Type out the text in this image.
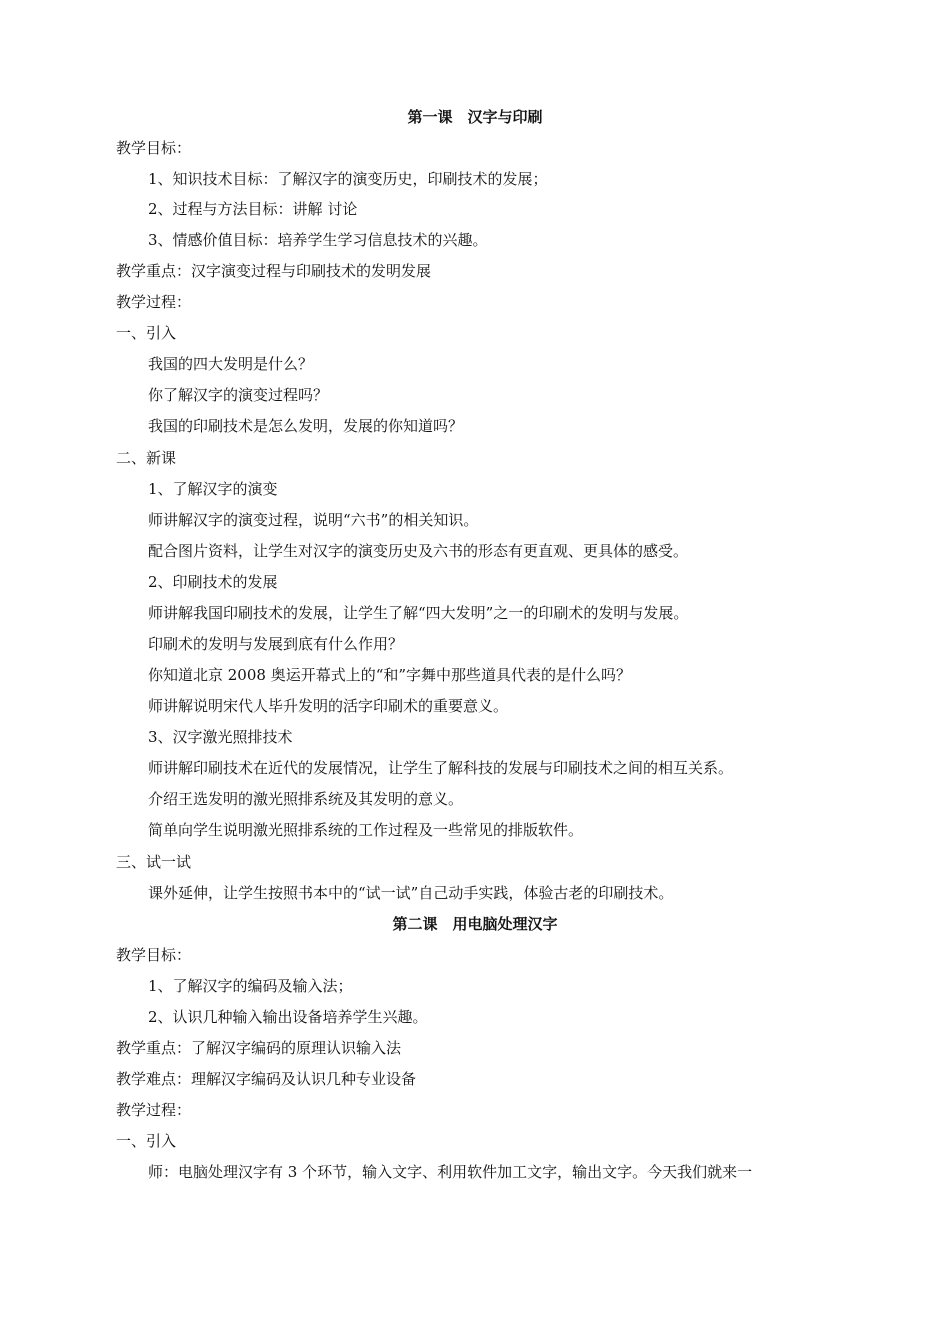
第一课　汉字与印刷
教学目标：
1、知识技术目标：了解汉字的演变历史，印刷技术的发展；
2、过程与方法目标：讲解 讨论
3、情感价值目标：培养学生学习信息技术的兴趣。
教学重点：汉字演变过程与印刷技术的发明发展
教学过程：
一、引入
我国的四大发明是什么？
你了解汉字的演变过程吗？
我国的印刷技术是怎么发明，发展的你知道吗？
二、新课
1、了解汉字的演变
师讲解汉字的演变过程，说明“六书”的相关知识。
配合图片资料，让学生对汉字的演变历史及六书的形态有更直观、更具体的感受。
2、印刷技术的发展
师讲解我国印刷技术的发展，让学生了解“四大发明”之一的印刷术的发明与发展。
印刷术的发明与发展到底有什么作用？
你知道北京 2008 奥运开幕式上的“和”字舞中那些道具代表的是什么吗？
师讲解说明宋代人毕升发明的活字印刷术的重要意义。
3、汉字激光照排技术
师讲解印刷技术在近代的发展情况，让学生了解科技的发展与印刷技术之间的相互关系。
介绍王选发明的激光照排系统及其发明的意义。
简单向学生说明激光照排系统的工作过程及一些常见的排版软件。
三、试一试
课外延伸，让学生按照书本中的“试一试”自己动手实践，体验古老的印刷技术。
第二课　用电脑处理汉字
教学目标：
1、了解汉字的编码及输入法；
2、认识几种输入输出设备培养学生兴趣。
教学重点：了解汉字编码的原理认识输入法
教学难点：理解汉字编码及认识几种专业设备
教学过程：
一、引入
师：电脑处理汉字有 3 个环节，输入文字、利用软件加工文字，输出文字。今天我们就来一
